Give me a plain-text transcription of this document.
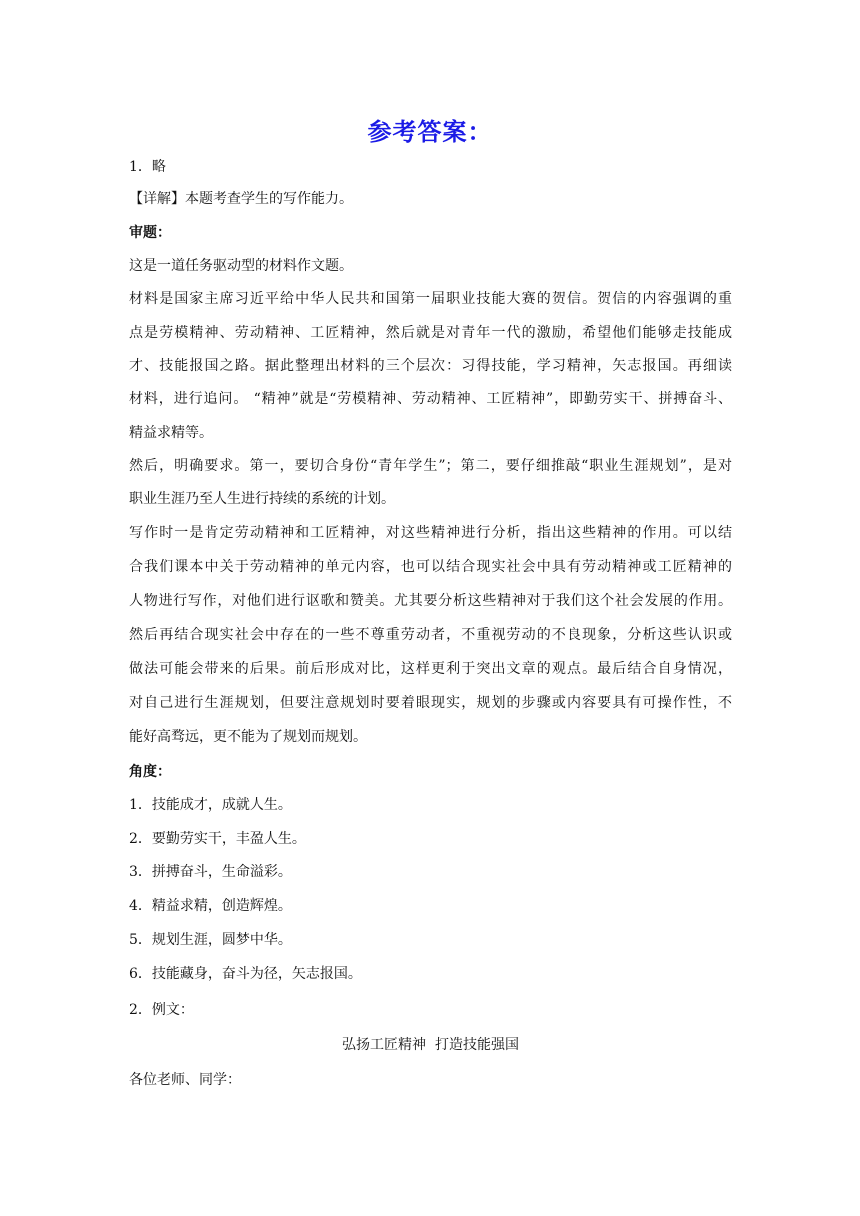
参考答案：
1．略
【详解】本题考查学生的写作能力。
审题：
这是一道任务驱动型的材料作文题。
材料是国家主席习近平给中华人民共和国第一届职业技能大赛的贺信。贺信的内容强调的重
点是劳模精神、劳动精神、工匠精神，然后就是对青年一代的激励，希望他们能够走技能成
才、技能报国之路。据此整理出材料的三个层次：习得技能，学习精神，矢志报国。再细读
材料，进行追问。 “精神”就是“劳模精神、劳动精神、工匠精神”，即勤劳实干、拼搏奋斗、
精益求精等。
然后，明确要求。第一，要切合身份“青年学生”；第二，要仔细推敲“职业生涯规划”，是对
职业生涯乃至人生进行持续的系统的计划。
写作时一是肯定劳动精神和工匠精神，对这些精神进行分析，指出这些精神的作用。可以结
合我们课本中关于劳动精神的单元内容，也可以结合现实社会中具有劳动精神或工匠精神的
人物进行写作，对他们进行讴歌和赞美。尤其要分析这些精神对于我们这个社会发展的作用。
然后再结合现实社会中存在的一些不尊重劳动者，不重视劳动的不良现象，分析这些认识或
做法可能会带来的后果。前后形成对比，这样更利于突出文章的观点。最后结合自身情况，
对自己进行生涯规划，但要注意规划时要着眼现实，规划的步骤或内容要具有可操作性，不
能好高骛远，更不能为了规划而规划。
角度：
1．技能成才，成就人生。
2．要勤劳实干，丰盈人生。
3．拼搏奋斗，生命溢彩。
4．精益求精，创造辉煌。
5．规划生涯，圆梦中华。
6．技能藏身，奋斗为径，矢志报国。
2．例文：
弘扬工匠精神  打造技能强国
各位老师、同学：
